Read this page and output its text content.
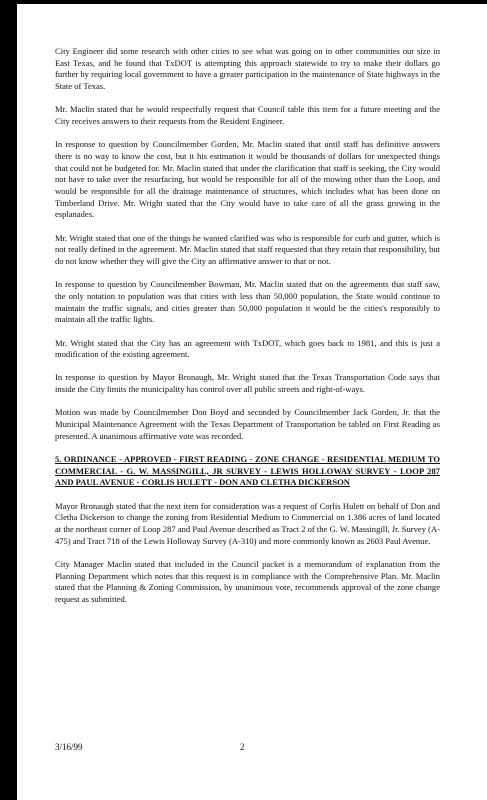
City Engineer did some research with other cities to see what was going on in other communities our size in East Texas, and he found that TxDOT is attempting this approach statewide to try to make their dollars go further by requiring local government to have a greater participation in the maintenance of State highways in the State of Texas.

Mr. Maclin stated that he would respectfully request that Council table this item for a future meeting and the City receives answers to their requests from the Resident Engineer.

In response to question by Councilmember Gorden, Mr. Maclin stated that until staff has definitive answers there is no way to know the cost, but it his estimation it would be thousands of dollars for unexpected things that could not be budgeted for. Mr. Maclin stated that under the clarification that staff is seeking, the City would not have to take over the resurfacing, but would be responsible for all of the mowing other than the Loop, and would be responsible for all the drainage maintenance of structures, which includes what has been done on Timberland Drive. Mr. Wright stated that the City would have to take care of all the grass growing in the esplanades.

Mr. Wright stated that one of the things he wanted clarified was who is responsible for curb and gutter, which is not really defined in the agreement. Mr. Maclin stated that staff requested that they retain that responsibility, but do not know whether they will give the City an affirmative answer to that or not.

In response to question by Councilmember Bowman, Mr. Maclin stated that on the agreements that staff saw, the only notation to population was that cities with less than 50,000 population, the State would continue to maintain the traffic signals, and cities greater than 50,000 population it would be the cities's responsibly to maintain all the traffic lights.

Mr. Wright stated that the City has an agreement with TxDOT, which goes back to 1981, and this is just a modification of the existing agreement.

In response to question by Mayor Bronaugh, Mr. Wright stated that the Texas Transportation Code says that inside the City limits the municipality has control over all public streets and right-of-ways.

Motion was made by Councilmember Don Boyd and seconded by Councilmember Jack Gorden, Jr. that the Municipal Maintenance Agreement with the Texas Department of Transportation be tabled on First Reading as presented. A unanimous affirmative vote was recorded.

5. ORDINANCE - APPROVED - FIRST READING - ZONE CHANGE - RESIDENTIAL MEDIUM TO COMMERCIAL - G. W. MASSINGILL, JR SURVEY - LEWIS HOLLOWAY SURVEY - LOOP 287 AND PAUL AVENUE - CORLIS HULETT - DON AND CLETHA DICKERSON

Mayor Bronaugh stated that the next item for consideration was a request of Corlis Hulett on behalf of Don and Cletha Dickerson to change the zoning from Residential Medium to Commercial on 1.386 acres of land located at the northeast corner of Loop 287 and Paul Avenue described as Tract 2 of the G. W. Massingill, Jr. Survey (A-475) and Tract 718 of the Lewis Holloway Survey (A-310) and more commonly known as 2603 Paul Avenue.

City Manager Maclin stated that included in the Council packet is a memorandum of explanation from the Planning Department which notes that this request is in compliance with the Comprehensive Plan. Mr. Maclin stated that the Planning & Zoning Commission, by unanimous vote, recommends approval of the zone change request as submitted.

3/16/99	2
